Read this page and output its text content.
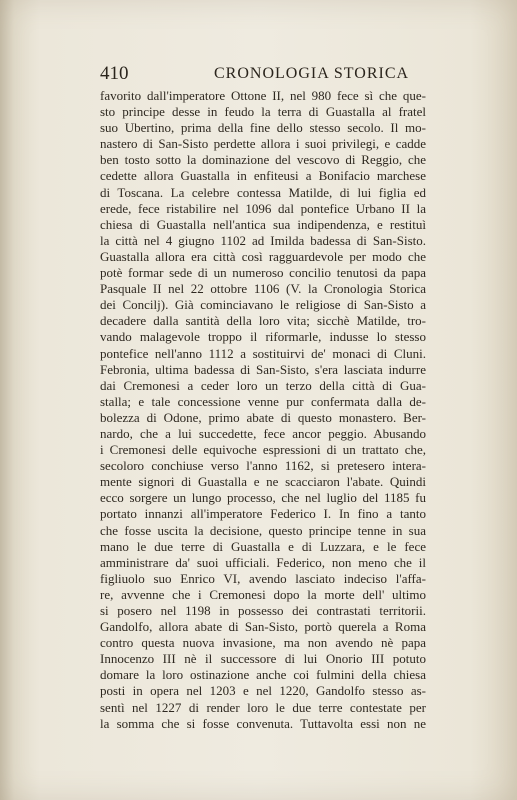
410	CRONOLOGIA STORICA
favorito dall'imperatore Ottone II, nel 980 fece sì che que-
sto principe desse in feudo la terra di Guastalla al fratel
suo Ubertino, prima della fine dello stesso secolo. Il mo-
nastero di San-Sisto perdette allora i suoi privilegi, e cadde
ben tosto sotto la dominazione del vescovo di Reggio, che
cedette allora Guastalla in enfiteusi a Bonifacio marchese
di Toscana. La celebre contessa Matilde, di lui figlia ed
erede, fece ristabilire nel 1096 dal pontefice Urbano II la
chiesa di Guastalla nell'antica sua indipendenza, e restituì
la città nel 4 giugno 1102 ad Imilda badessa di San-Sisto.
Guastalla allora era città così ragguardevole per modo che
potè formar sede di un numeroso concilio tenutosi da papa
Pasquale II nel 22 ottobre 1106 (V. la Cronologia Storica
dei Concilj). Già cominciavano le religiose di San-Sisto a
decadere dalla santità della loro vita; sicchè Matilde, tro-
vando malagevole troppo il riformarle, indusse lo stesso
pontefice nell'anno 1112 a sostituirvi de' monaci di Cluni.
Febronia, ultima badessa di San-Sisto, s'era lasciata indurre
dai Cremonesi a ceder loro un terzo della città di Gua-
stalla; e tale concessione venne pur confermata dalla de-
bolezza di Odone, primo abate di questo monastero. Ber-
nardo, che a lui succedette, fece ancor peggio. Abusando
i Cremonesi delle equivoche espressioni di un trattato che,
secoloro conchiuse verso l'anno 1162, si pretesero intera-
mente signori di Guastalla e ne scacciaron l'abate. Quindi
ecco sorgere un lungo processo, che nel luglio del 1185 fu
portato innanzi all'imperatore Federico I. In fino a tanto
che fosse uscita la decisione, questo principe tenne in sua
mano le due terre di Guastalla e di Luzzara, e le fece
amministrare da' suoi ufficiali. Federico, non meno che il
figliuolo suo Enrico VI, avendo lasciato indeciso l'affa-
re, avvenne che i Cremonesi dopo la morte dell' ultimo
si posero nel 1198 in possesso dei contrastati territorii.
Gandolfo, allora abate di San-Sisto, portò querela a Roma
contro questa nuova invasione, ma non avendo nè papa
Innocenzo III nè il successore di lui Onorio III potuto
domare la loro ostinazione anche coi fulmini della chiesa
posti in opera nel 1203 e nel 1220, Gandolfo stesso as-
sentì nel 1227 di render loro le due terre contestate per
la somma che si fosse convenuta. Tuttavolta essi non ne
